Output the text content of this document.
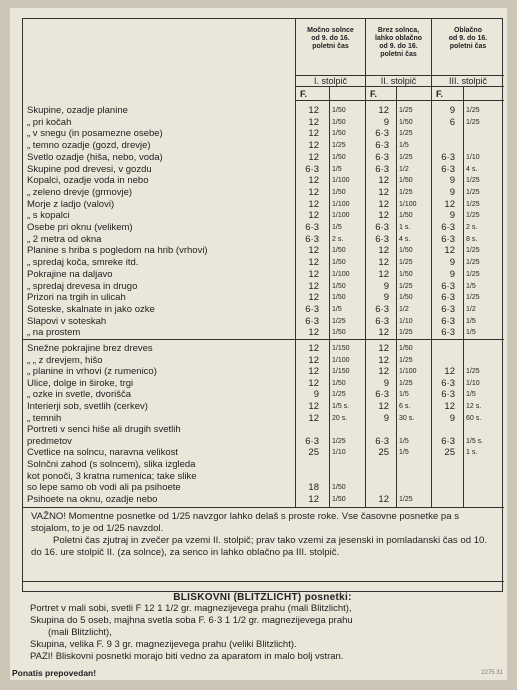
Močno solnce
od 9. do 16.
poletni čas
Brez solnca,
lahko oblačno
od 9. do 16.
poletni čas
Oblačno
od 9. do 16.
poletni čas
I. stolpič	II. stolpič	III. stolpič
F.	F.	F.
Skupine, ozadje planine	12 1/50	12 1/25	9 1/25
„ pri kočah	12 1/50	9 1/50	6 1/25
„ v snegu (in posamezne osebe)	12 1/50	6·3 1/25
„ temno ozadje (gozd, drevje)	12 1/25	6·3 1/5
Svetlo ozadje (hiša, nebo, voda)	12 1/50	6·3 1/25	6·3 1/10
Skupine pod drevesi, v gozdu	6·3 1/5	6·3 1/2	6·3 4 s.
Kopalci, ozadje voda in nebo	12 1/100	12 1/50	9 1/25
„ zeleno drevje (grmovje)	12 1/50	12 1/25	9 1/25
Morje z ladjo (valovi)	12 1/100	12 1/100	12 1/25
„ s kopalci	12 1/100	12 1/50	9 1/25
Osebe pri oknu (velikem)	6·3 1/5	6·3 1 s.	6·3 2 s.
„ 2 metra od okna	6·3 2 s.	6·3 4 s.	6·3 8 s.
Planine s hriba s pogledom na hrib (vrhovi)	12 1/50	12 1/50	12 1/25
„ spredaj koča, smreke itd.	12 1/50	12 1/25	9 1/25
Pokrajine na daljavo	12 1/100	12 1/50	9 1/25
„ spredaj drevesa in drugo	12 1/50	9 1/25	6·3 1/5
Prizori na trgih in ulicah	12 1/50	9 1/50	6·3 1/25
Soteske, skalnate in jako ozke	6·3 1/5	6·3 1/2	6·3 1/2
Slapovi v soteskah	6·3 1/25	6·3 1/10	6·3 1/5
„ na prostem	12 1/50	12 1/25	6·3 1/5
Snežne pokrajine brez dreves	12 1/150	12 1/50
„ „ z drevjem, hišo	12 1/100	12 1/25
„ planine in vrhovi (z rumenico)	12 1/150	12 1/100	12 1/25
Ulice, dolge in široke, trgi	12 1/50	9 1/25	6·3 1/10
„ ozke in svetle, dvorišča	9 1/25	6·3 1/5	6·3 1/5
Interierji sob, svetlih (cerkev)	12 1/5 s.	12 6 s.	12 12 s.
„ temnih	12 20 s.	9 30 s.	9 60 s.
Portreti v senci hiše ali drugih svetlih
predmetov	6·3 1/25	6·3 1/5	6·3 1/5 s.
Cvetlice na solncu, naravna velikost	25 1/10	25 1/5	25 1 s.
Solnčni zahod (s solncem), slika izgleda
kot ponoči, 3 kratna rumenica; take slike
so lepe samo ob vodi ali pa psihoete	18 1/50
Psihoete na oknu, ozadje nebo	12 1/50	12 1/25
VAŽNO! Momentne posnetke od 1/25 navzgor lahko delaš s proste roke. Vse časovne posnetke pa s stojalom, to je od 1/25 navzdol.
Poletni čas zjutraj in zvečer pa vzemi II. stolpič; prav tako vzemi za jesenski in pomladanski čas od 10. do 16. ure stolpič II. (za solnce), za senco in lahko oblačno pa III. stolpič.
BLISKOVNI (BLITZLICHT) posnetki:
Portret v mali sobi, svetli F 12 1 1/2 gr. magnezijevega prahu (mali Blitzlicht),
Skupina do 5 oseb, majhna svetla soba F. 6·3 1 1/2 gr. magnezijevega prahu
(mali Blitzlicht),
Skupina, velika F. 9 3 gr. magnezijevega prahu (veliki Blitzlicht).
PAZI! Bliskovni posnetki morajo biti vedno za aparatom in malo bolj vstran.
Ponatis prepovedan!	2275 31
